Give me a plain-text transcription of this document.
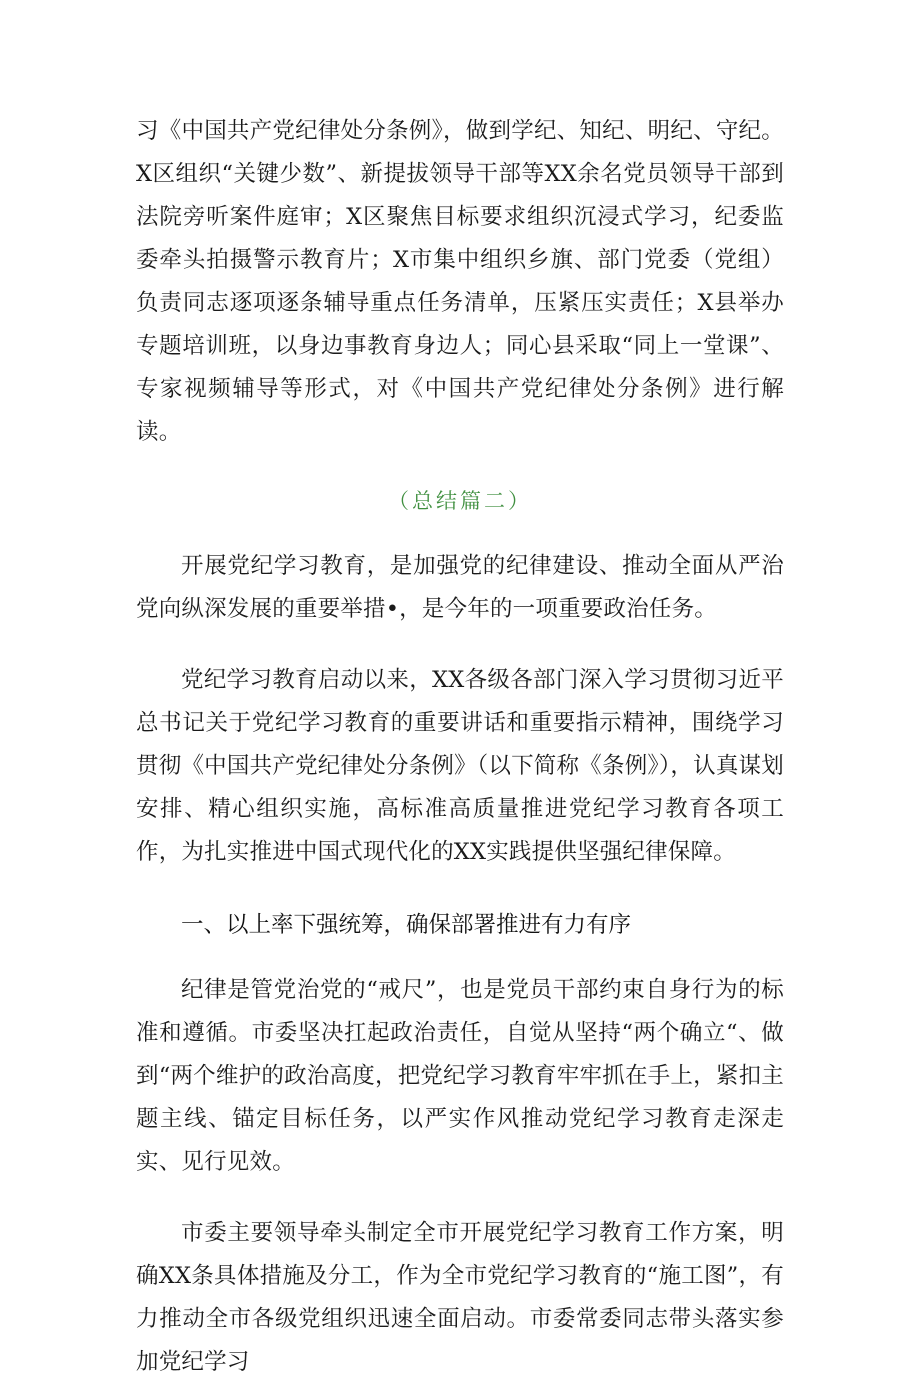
习《中国共产党纪律处分条例》，做到学纪、知纪、明纪、守纪。X区组织“关键少数”、新提拔领导干部等XX余名党员领导干部到法院旁听案件庭审；X区聚焦目标要求组织沉浸式学习，纪委监委牵头拍摄警示教育片；X市集中组织乡旗、部门党委（党组）负责同志逐项逐条辅导重点任务清单，压紧压实责任；X县举办专题培训班，以身边事教育身边人；同心县采取“同上一堂课”、专家视频辅导等形式，对《中国共产党纪律处分条例》进行解读。

（总结篇二）

开展党纪学习教育，是加强党的纪律建设、推动全面从严治党向纵深发展的重要举措•，是今年的一项重要政治任务。

党纪学习教育启动以来，XX各级各部门深入学习贯彻习近平总书记关于党纪学习教育的重要讲话和重要指示精神，围绕学习贯彻《中国共产党纪律处分条例》（以下简称《条例》），认真谋划安排、精心组织实施，高标准高质量推进党纪学习教育各项工作，为扎实推进中国式现代化的XX实践提供坚强纪律保障。

一、以上率下强统筹，确保部署推进有力有序

纪律是管党治党的“戒尺”，也是党员干部约束自身行为的标准和遵循。市委坚决扛起政治责任，自觉从坚持“两个确立“、做到“两个维护的政治高度，把党纪学习教育牢牢抓在手上，紧扣主题主线、锚定目标任务，以严实作风推动党纪学习教育走深走实、见行见效。

市委主要领导牵头制定全市开展党纪学习教育工作方案，明确XX条具体措施及分工，作为全市党纪学习教育的“施工图”，有力推动全市各级党组织迅速全面启动。市委常委同志带头落实参加党纪学习
